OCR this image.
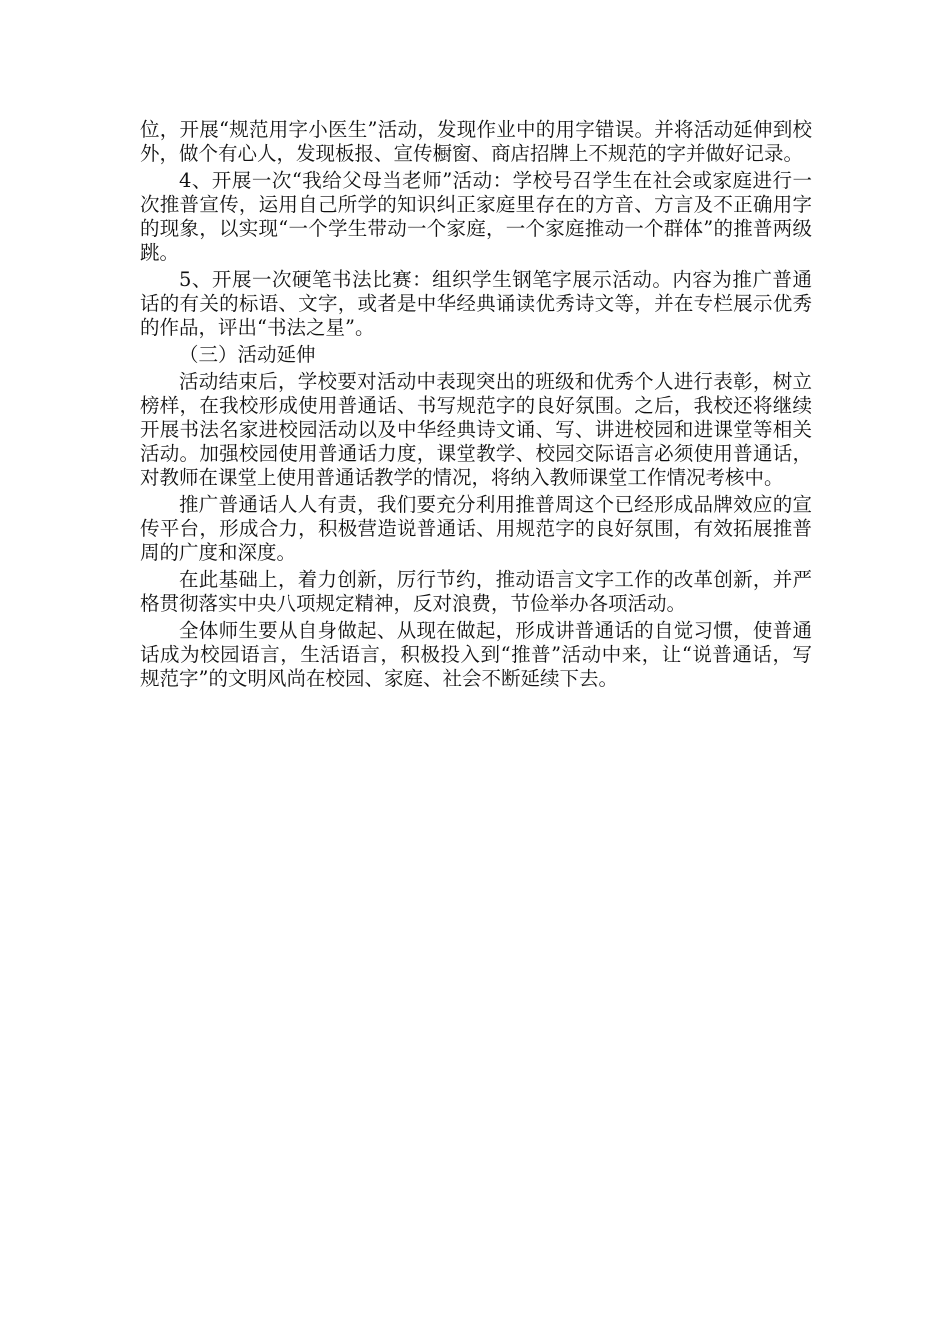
位，开展“规范用字小医生”活动，发现作业中的用字错误。并将活动延伸到校外，做个有心人，发现板报、宣传橱窗、商店招牌上不规范的字并做好记录。

4、开展一次“我给父母当老师”活动：学校号召学生在社会或家庭进行一次推普宣传，运用自己所学的知识纠正家庭里存在的方音、方言及不正确用字的现象，以实现“一个学生带动一个家庭，一个家庭推动一个群体”的推普两级跳。

5、开展一次硬笔书法比赛：组织学生钢笔字展示活动。内容为推广普通话的有关的标语、文字，或者是中华经典诵读优秀诗文等，并在专栏展示优秀的作品，评出“书法之星”。

（三）活动延伸

活动结束后，学校要对活动中表现突出的班级和优秀个人进行表彰，树立榜样，在我校形成使用普通话、书写规范字的良好氛围。之后，我校还将继续开展书法名家进校园活动以及中华经典诗文诵、写、讲进校园和进课堂等相关活动。加强校园使用普通话力度，课堂教学、校园交际语言必须使用普通话，对教师在课堂上使用普通话教学的情况，将纳入教师课堂工作情况考核中。

推广普通话人人有责，我们要充分利用推普周这个已经形成品牌效应的宣传平台，形成合力，积极营造说普通话、用规范字的良好氛围，有效拓展推普周的广度和深度。

在此基础上，着力创新，厉行节约，推动语言文字工作的改革创新，并严格贯彻落实中央八项规定精神，反对浪费，节俭举办各项活动。

全体师生要从自身做起、从现在做起，形成讲普通话的自觉习惯，使普通话成为校园语言，生活语言，积极投入到“推普”活动中来，让“说普通话，写规范字”的文明风尚在校园、家庭、社会不断延续下去。
